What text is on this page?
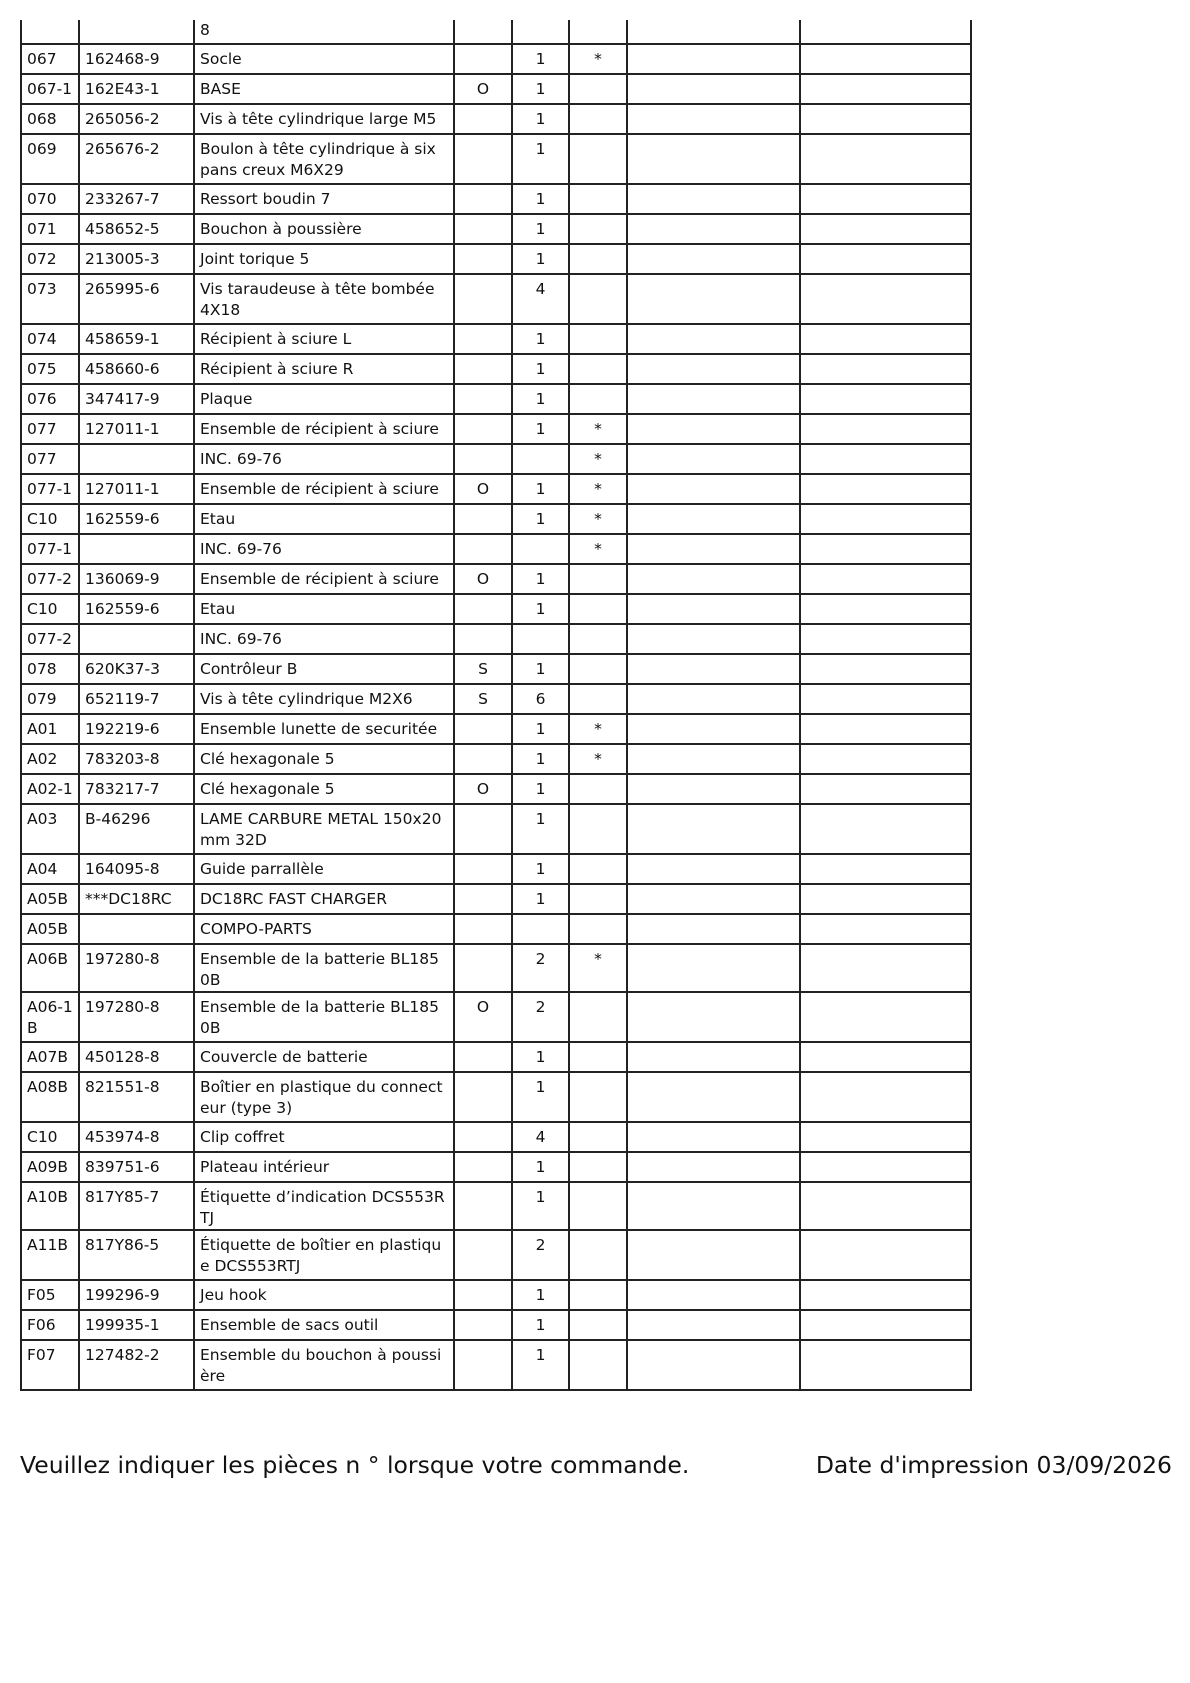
		8					
067	162468-9	Socle		1	*		
067-1	162E43-1	BASE	O	1			
068	265056-2	Vis à tête cylindrique large M5		1			
069	265676-2	Boulon à tête cylindrique à six pans creux M6X29		1			
070	233267-7	Ressort boudin 7		1			
071	458652-5	Bouchon à poussière		1			
072	213005-3	Joint torique 5		1			
073	265995-6	Vis taraudeuse à tête bombée 4X18		4			
074	458659-1	Récipient à sciure L		1			
075	458660-6	Récipient à sciure R		1			
076	347417-9	Plaque		1			
077	127011-1	Ensemble de récipient à sciure		1	*		
077		INC. 69-76			*		
077-1	127011-1	Ensemble de récipient à sciure	O	1	*		
C10	162559-6	Etau		1	*		
077-1		INC. 69-76			*		
077-2	136069-9	Ensemble de récipient à sciure	O	1			
C10	162559-6	Etau		1			
077-2		INC. 69-76					
078	620K37-3	Contrôleur B	S	1			
079	652119-7	Vis à tête cylindrique M2X6	S	6			
A01	192219-6	Ensemble lunette de securitée		1	*		
A02	783203-8	Clé hexagonale 5		1	*		
A02-1	783217-7	Clé hexagonale 5	O	1			
A03	B-46296	LAME CARBURE METAL 150x20mm 32D		1			
A04	164095-8	Guide parrallèle		1			
A05B	***DC18RC	DC18RC FAST CHARGER		1			
A05B		COMPO-PARTS					
A06B	197280-8	Ensemble de la batterie BL1850B		2	*		
A06-1B	197280-8	Ensemble de la batterie BL1850B	O	2			
A07B	450128-8	Couvercle de batterie		1			
A08B	821551-8	Boîtier en plastique du connecteur (type 3)		1			
C10	453974-8	Clip coffret		4			
A09B	839751-6	Plateau intérieur		1			
A10B	817Y85-7	Étiquette d’indication DCS553RTJ		1			
A11B	817Y86-5	Étiquette de boîtier en plastique DCS553RTJ		2			
F05	199296-9	Jeu hook		1			
F06	199935-1	Ensemble de sacs outil		1			
F07	127482-2	Ensemble du bouchon à poussière		1			
Veuillez indiquer les pièces n ° lorsque votre commande.	Date d'impression 03/09/2026
